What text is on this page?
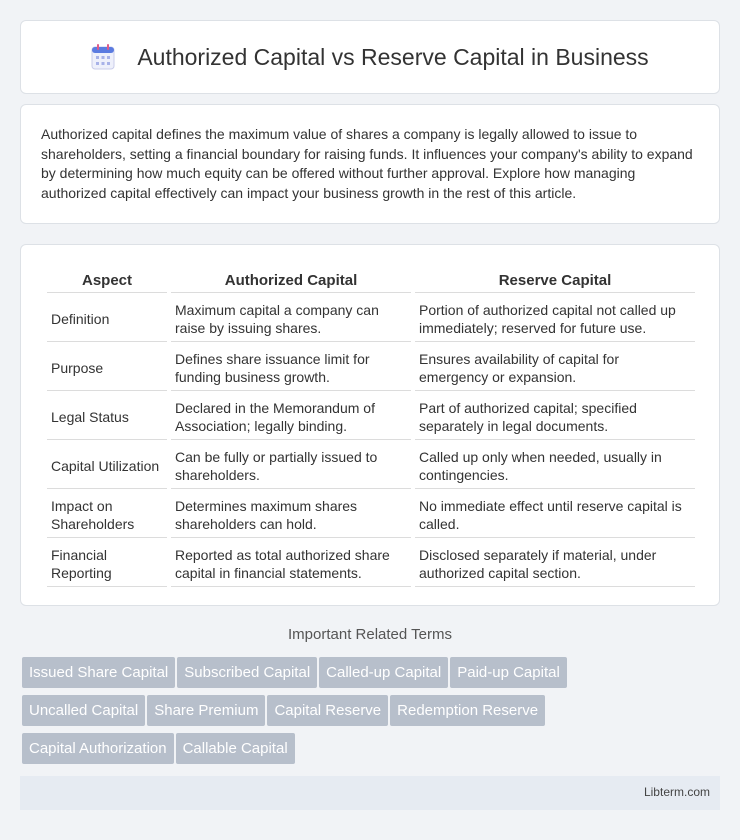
Authorized Capital vs Reserve Capital in Business

Authorized capital defines the maximum value of shares a company is legally allowed to issue to shareholders, setting a financial boundary for raising funds. It influences your company's ability to expand by determining how much equity can be offered without further approval. Explore how managing authorized capital effectively can impact your business growth in the rest of this article.

Aspect	Authorized Capital	Reserve Capital
Definition	Maximum capital a company can raise by issuing shares.	Portion of authorized capital not called up immediately; reserved for future use.
Purpose	Defines share issuance limit for funding business growth.	Ensures availability of capital for emergency or expansion.
Legal Status	Declared in the Memorandum of Association; legally binding.	Part of authorized capital; specified separately in legal documents.
Capital Utilization	Can be fully or partially issued to shareholders.	Called up only when needed, usually in contingencies.
Impact on Shareholders	Determines maximum shares shareholders can hold.	No immediate effect until reserve capital is called.
Financial Reporting	Reported as total authorized share capital in financial statements.	Disclosed separately if material, under authorized capital section.
Important Related Terms
Issued Share Capital Subscribed Capital Called-up Capital Paid-up Capital
Uncalled Capital Share Premium Capital Reserve Redemption Reserve
Capital Authorization Callable Capital
Libterm.com
